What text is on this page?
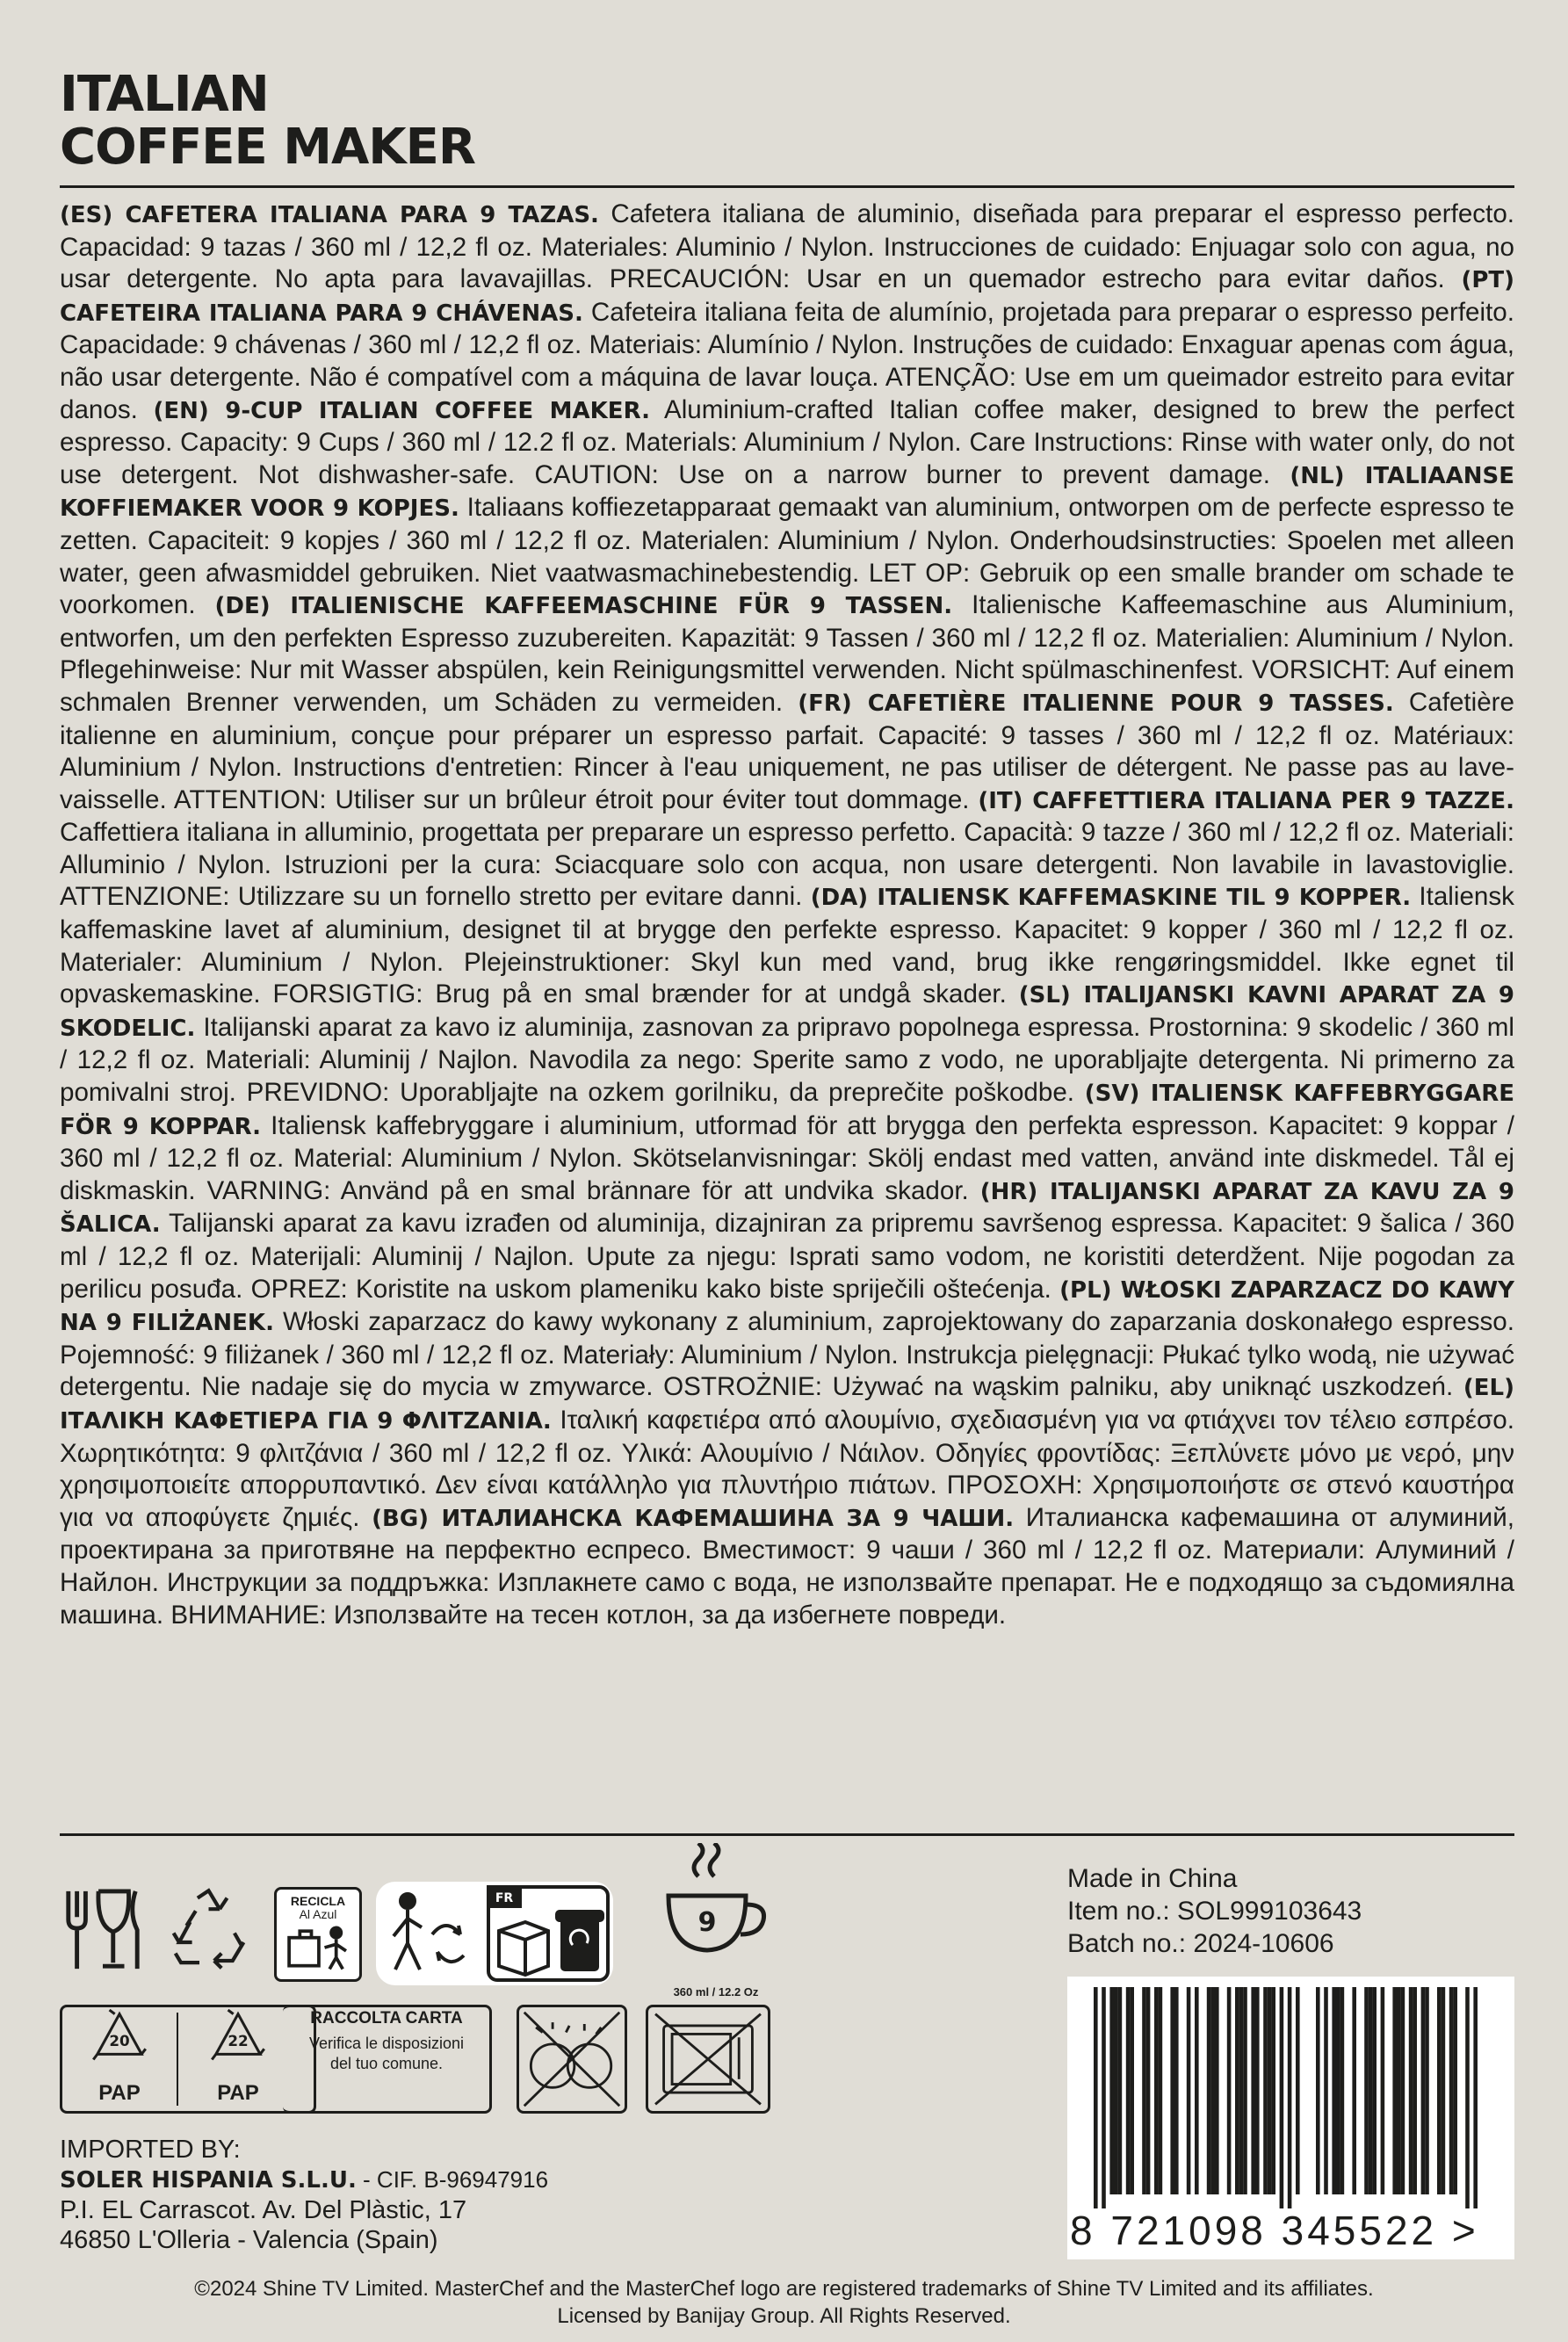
ITALIAN
COFFEE MAKER

(ES) CAFETERA ITALIANA PARA 9 TAZAS. Cafetera italiana de aluminio, diseñada para preparar el espresso perfecto. Capacidad: 9 tazas / 360 ml / 12,2 fl oz. Materiales: Aluminio / Nylon. Instrucciones de cuidado: Enjuagar solo con agua, no usar detergente. No apta para lavavajillas. PRECAUCIÓN: Usar en un quemador estrecho para evitar daños. (PT) CAFETEIRA ITALIANA PARA 9 CHÁVENAS. Cafeteira italiana feita de alumínio, projetada para preparar o espresso perfeito. Capacidade: 9 chávenas / 360 ml / 12,2 fl oz. Materiais: Alumínio / Nylon. Instruções de cuidado: Enxaguar apenas com água, não usar detergente. Não é compatível com a máquina de lavar louça. ATENÇÃO: Use em um queimador estreito para evitar danos. (EN) 9-CUP ITALIAN COFFEE MAKER. Aluminium-crafted Italian coffee maker, designed to brew the perfect espresso. Capacity: 9 Cups / 360 ml / 12.2 fl oz. Materials: Aluminium / Nylon. Care Instructions: Rinse with water only, do not use detergent. Not dishwasher-safe. CAUTION: Use on a narrow burner to prevent damage. (NL) ITALIAANSE KOFFIEMAKER VOOR 9 KOPJES. Italiaans koffiezetapparaat gemaakt van aluminium, ontworpen om de perfecte espresso te zetten. Capaciteit: 9 kopjes / 360 ml / 12,2 fl oz. Materialen: Aluminium / Nylon. Onderhoudsinstructies: Spoelen met alleen water, geen afwasmiddel gebruiken. Niet vaatwasmachinebestendig. LET OP: Gebruik op een smalle brander om schade te voorkomen. (DE) ITALIENISCHE KAFFEEMASCHINE FÜR 9 TASSEN. Italienische Kaffeemaschine aus Aluminium, entworfen, um den perfekten Espresso zuzubereiten. Kapazität: 9 Tassen / 360 ml / 12,2 fl oz. Materialien: Aluminium / Nylon. Pflegehinweise: Nur mit Wasser abspülen, kein Reinigungsmittel verwenden. Nicht spülmaschinenfest. VORSICHT: Auf einem schmalen Brenner verwenden, um Schäden zu vermeiden. (FR) CAFETIÈRE ITALIENNE POUR 9 TASSES. Cafetière italienne en aluminium, conçue pour préparer un espresso parfait. Capacité: 9 tasses / 360 ml / 12,2 fl oz. Matériaux: Aluminium / Nylon. Instructions d'entretien: Rincer à l'eau uniquement, ne pas utiliser de détergent. Ne passe pas au lave-vaisselle. ATTENTION: Utiliser sur un brûleur étroit pour éviter tout dommage. (IT) CAFFETTIERA ITALIANA PER 9 TAZZE. Caffettiera italiana in alluminio, progettata per preparare un espresso perfetto. Capacità: 9 tazze / 360 ml / 12,2 fl oz. Materiali: Alluminio / Nylon. Istruzioni per la cura: Sciacquare solo con acqua, non usare detergenti. Non lavabile in lavastoviglie. ATTENZIONE: Utilizzare su un fornello stretto per evitare danni. (DA) ITALIENSK KAFFEMASKINE TIL 9 KOPPER. Italiensk kaffemaskine lavet af aluminium, designet til at brygge den perfekte espresso. Kapacitet: 9 kopper / 360 ml / 12,2 fl oz. Materialer: Aluminium / Nylon. Plejeinstruktioner: Skyl kun med vand, brug ikke rengøringsmiddel. Ikke egnet til opvaskemaskine. FORSIGTIG: Brug på en smal brænder for at undgå skader. (SL) ITALIJANSKI KAVNI APARAT ZA 9 SKODELIC. Italijanski aparat za kavo iz aluminija, zasnovan za pripravo popolnega espressa. Prostornina: 9 skodelic / 360 ml / 12,2 fl oz. Materiali: Aluminij / Najlon. Navodila za nego: Sperite samo z vodo, ne uporabljajte detergenta. Ni primerno za pomivalni stroj. PREVIDNO: Uporabljajte na ozkem gorilniku, da preprečite poškodbe. (SV) ITALIENSK KAFFEBRYGGARE FÖR 9 KOPPAR. Italiensk kaffebryggare i aluminium, utformad för att brygga den perfekta espresson. Kapacitet: 9 koppar / 360 ml / 12,2 fl oz. Material: Aluminium / Nylon. Skötselanvisningar: Skölj endast med vatten, använd inte diskmedel. Tål ej diskmaskin. VARNING: Använd på en smal brännare för att undvika skador. (HR) ITALIJANSKI APARAT ZA KAVU ZA 9 ŠALICA. Talijanski aparat za kavu izrađen od aluminija, dizajniran za pripremu savršenog espressa. Kapacitet: 9 šalica / 360 ml / 12,2 fl oz. Materijali: Aluminij / Najlon. Upute za njegu: Isprati samo vodom, ne koristiti deterdžent. Nije pogodan za perilicu posuđa. OPREZ: Koristite na uskom plameniku kako biste spriječili oštećenja. (PL) WŁOSKI ZAPARZACZ DO KAWY NA 9 FILIŻANEK. Włoski zaparzacz do kawy wykonany z aluminium, zaprojektowany do zaparzania doskonałego espresso. Pojemność: 9 filiżanek / 360 ml / 12,2 fl oz. Materiały: Aluminium / Nylon. Instrukcja pielęgnacji: Płukać tylko wodą, nie używać detergentu. Nie nadaje się do mycia w zmywarce. OSTROŻNIE: Używać na wąskim palniku, aby uniknąć uszkodzeń. (EL) ΙΤΑΛΙΚΗ ΚΑΦΕΤΙΕΡΑ ΓΙΑ 9 ΦΛΙΤΖΑΝΙΑ. Ιταλική καφετιέρα από αλουμίνιο, σχεδιασμένη για να φτιάχνει τον τέλειο εσπρέσο. Χωρητικότητα: 9 φλιτζάνια / 360 ml / 12,2 fl oz. Υλικά: Αλουμίνιο / Νάιλον. Οδηγίες φροντίδας: Ξεπλύνετε μόνο με νερό, μην χρησιμοποιείτε απορρυπαντικό. Δεν είναι κατάλληλο για πλυντήριο πιάτων. ΠΡΟΣΟΧΗ: Χρησιμοποιήστε σε στενό καυστήρα για να αποφύγετε ζημιές. (BG) ИТАЛИАНСКА КАФЕМАШИНА ЗА 9 ЧАШИ. Италианска кафемашина от алуминий, проектирана за приготвяне на перфектно еспресо. Вместимост: 9 чаши / 360 ml / 12,2 fl oz. Материали: Алуминий / Найлон. Инструкции за поддръжка: Изплакнете само с вода, не използвайте препарат. Не е подходящо за съдомиялна машина. ВНИМАНИЕ: Използвайте на тесен котлон, за да избегнете повреди.

RECICLA
Al Azul
FR
9
360 ml / 12.2 Oz
20
PAP
22
PAP
RACCOLTA CARTA
Verifica le disposizioni del tuo comune.
IMPORTED BY:
SOLER HISPANIA S.L.U. - CIF. B-96947916
P.I. EL Carrascot. Av. Del Plàstic, 17
46850 L'Olleria - Valencia (Spain)
Made in China
Item no.: SOL999103643
Batch no.: 2024-10606
8 721098 345522 >
©2024 Shine TV Limited. MasterChef and the MasterChef logo are registered trademarks of Shine TV Limited and its affiliates.
Licensed by Banijay Group. All Rights Reserved.
